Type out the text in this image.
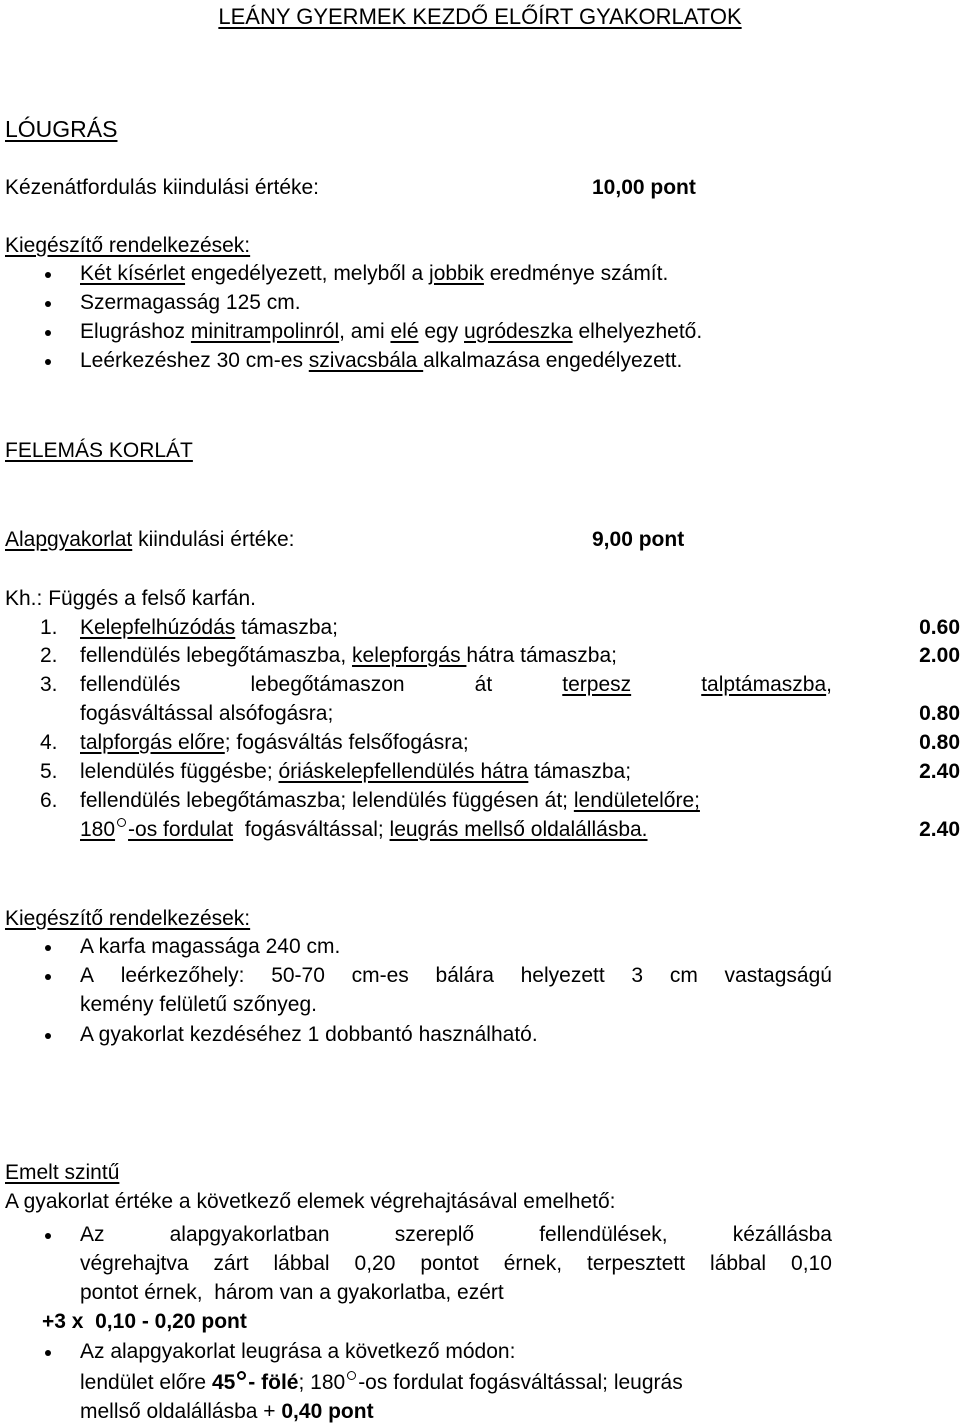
LEÁNY GYERMEK KEZDŐ ELŐÍRT GYAKORLATOK
LÓUGRÁS
Kézenátfordulás kiindulási értéke:	10,00 pont
Kiegészítő rendelkezések:
Két kísérlet engedélyezett, melyből a jobbik eredménye számít.
Szermagasság 125 cm.
Elugráshoz minitrampolinról, ami elé egy ugródeszka elhelyezhető.
Leérkezéshez 30 cm-es szivacsbála alkalmazása engedélyezett.
FELEMÁS KORLÁT
Alapgyakorlat kiindulási értéke:	9,00 pont
Kh.: Függés a felső karfán.
1. Kelepfelhúzódás támaszba;	0.60
2. fellendülés lebegőtámaszba, kelepforgás hátra támaszba;	2.00
3. fellendülés	lebegőtámaszon	át	terpesz	talptámaszba,
fogásváltással alsófogásra;	0.80
4. talpforgás előre; fogásváltás felsőfogásra;	0.80
5. lelendülés függésbe; óriáskelepfellendülés hátra támaszba;	2.40
6. fellendülés lebegőtámaszba; lelendülés függésen át; lendületelőre;
180 -os fordulat  fogásváltással; leugrás mellső oldalállásba.	2.40
Kiegészítő rendelkezések:
A karfa magassága 240 cm.
A leérkezőhely: 50-70 cm-es bálára helyezett 3 cm vastagságú
kemény felületű szőnyeg.
A gyakorlat kezdéséhez 1 dobbantó használható.
Emelt szintű
A gyakorlat értéke a következő elemek végrehajtásával emelhető:
Az	alapgyakorlatban	szereplő	fellendülések,	kézállásba
végrehajtva zárt lábbal 0,20 pontot érnek, terpesztett lábbal 0,10
pontot érnek,  három van a gyakorlatba, ezért
+3 x  0,10 - 0,20 pont
Az alapgyakorlat leugrása a következő módon:
lendület előre 45 - fölé; 180 -os fordulat fogásváltással; leugrás
mellső oldalállásba + 0,40 pont
